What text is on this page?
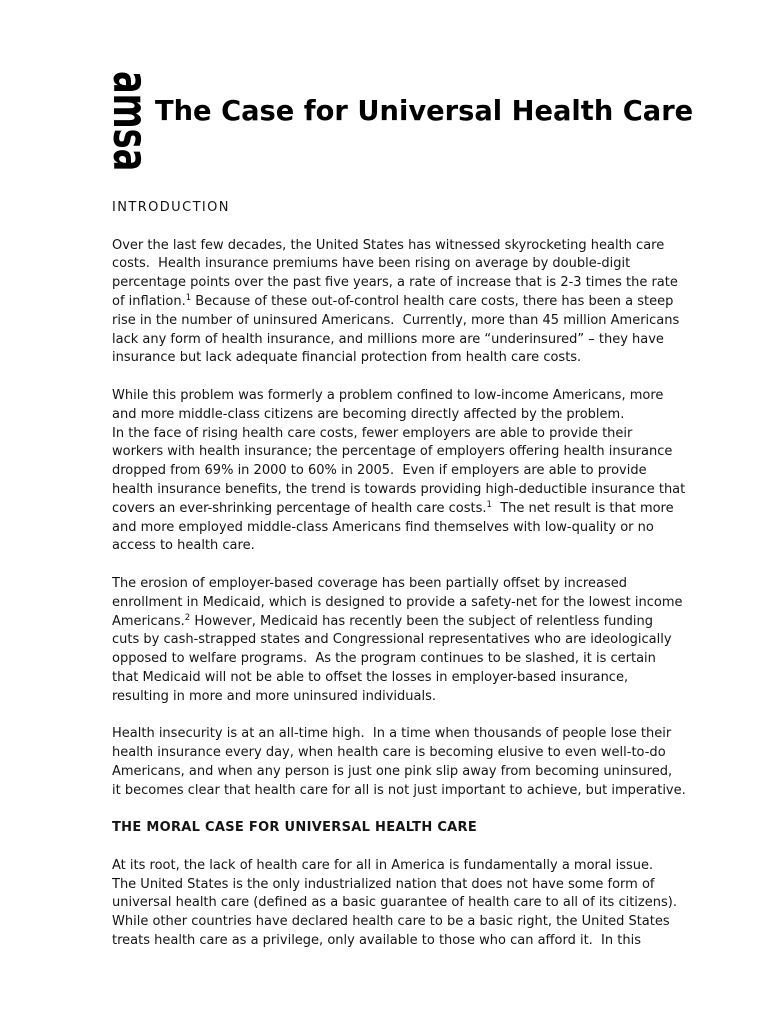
amsa
The Case for Universal Health Care
INTRODUCTION
Over the last few decades, the United States has witnessed skyrocketing health care
costs.  Health insurance premiums have been rising on average by double-digit
percentage points over the past five years, a rate of increase that is 2-3 times the rate
of inflation.$^1$ Because of these out-of-control health care costs, there has been a steep
rise in the number of uninsured Americans.  Currently, more than 45 million Americans
lack any form of health insurance, and millions more are “underinsured” – they have
insurance but lack adequate financial protection from health care costs.
While this problem was formerly a problem confined to low-income Americans, more
and more middle-class citizens are becoming directly affected by the problem.
In the face of rising health care costs, fewer employers are able to provide their
workers with health insurance; the percentage of employers offering health insurance
dropped from 69% in 2000 to 60% in 2005.  Even if employers are able to provide
health insurance benefits, the trend is towards providing high-deductible insurance that
covers an ever-shrinking percentage of health care costs.$^1$  The net result is that more
and more employed middle-class Americans find themselves with low-quality or no
access to health care.
The erosion of employer-based coverage has been partially offset by increased
enrollment in Medicaid, which is designed to provide a safety-net for the lowest income
Americans.$^2$ However, Medicaid has recently been the subject of relentless funding
cuts by cash-strapped states and Congressional representatives who are ideologically
opposed to welfare programs.  As the program continues to be slashed, it is certain
that Medicaid will not be able to offset the losses in employer-based insurance,
resulting in more and more uninsured individuals.
Health insecurity is at an all-time high.  In a time when thousands of people lose their
health insurance every day, when health care is becoming elusive to even well-to-do
Americans, and when any person is just one pink slip away from becoming uninsured,
it becomes clear that health care for all is not just important to achieve, but imperative.
THE MORAL CASE FOR UNIVERSAL HEALTH CARE
At its root, the lack of health care for all in America is fundamentally a moral issue.
The United States is the only industrialized nation that does not have some form of
universal health care (defined as a basic guarantee of health care to all of its citizens).
While other countries have declared health care to be a basic right, the United States
treats health care as a privilege, only available to those who can afford it.  In this
